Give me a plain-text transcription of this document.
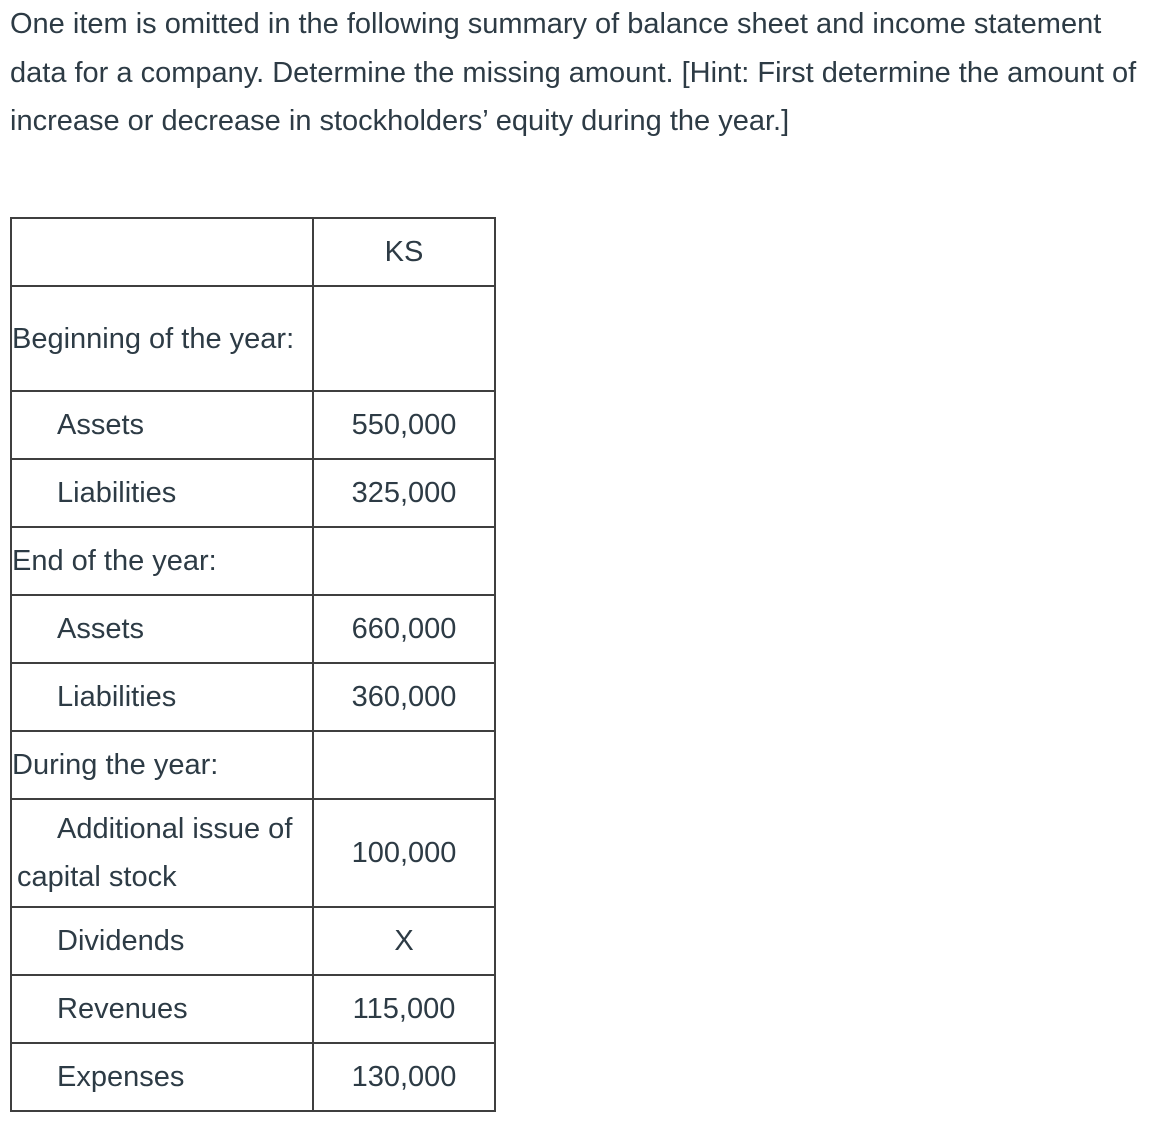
One item is omitted in the following summary of balance sheet and income statement data for a company. Determine the missing amount. [Hint: First determine the amount of increase or decrease in stockholders’ equity during the year.]

	KS
Beginning of the year:	
Assets	550,000
Liabilities	325,000
End of the year:	
Assets	660,000
Liabilities	360,000
During the year:	
Additional issue of capital stock	100,000
Dividends	X
Revenues	115,000
Expenses	130,000
